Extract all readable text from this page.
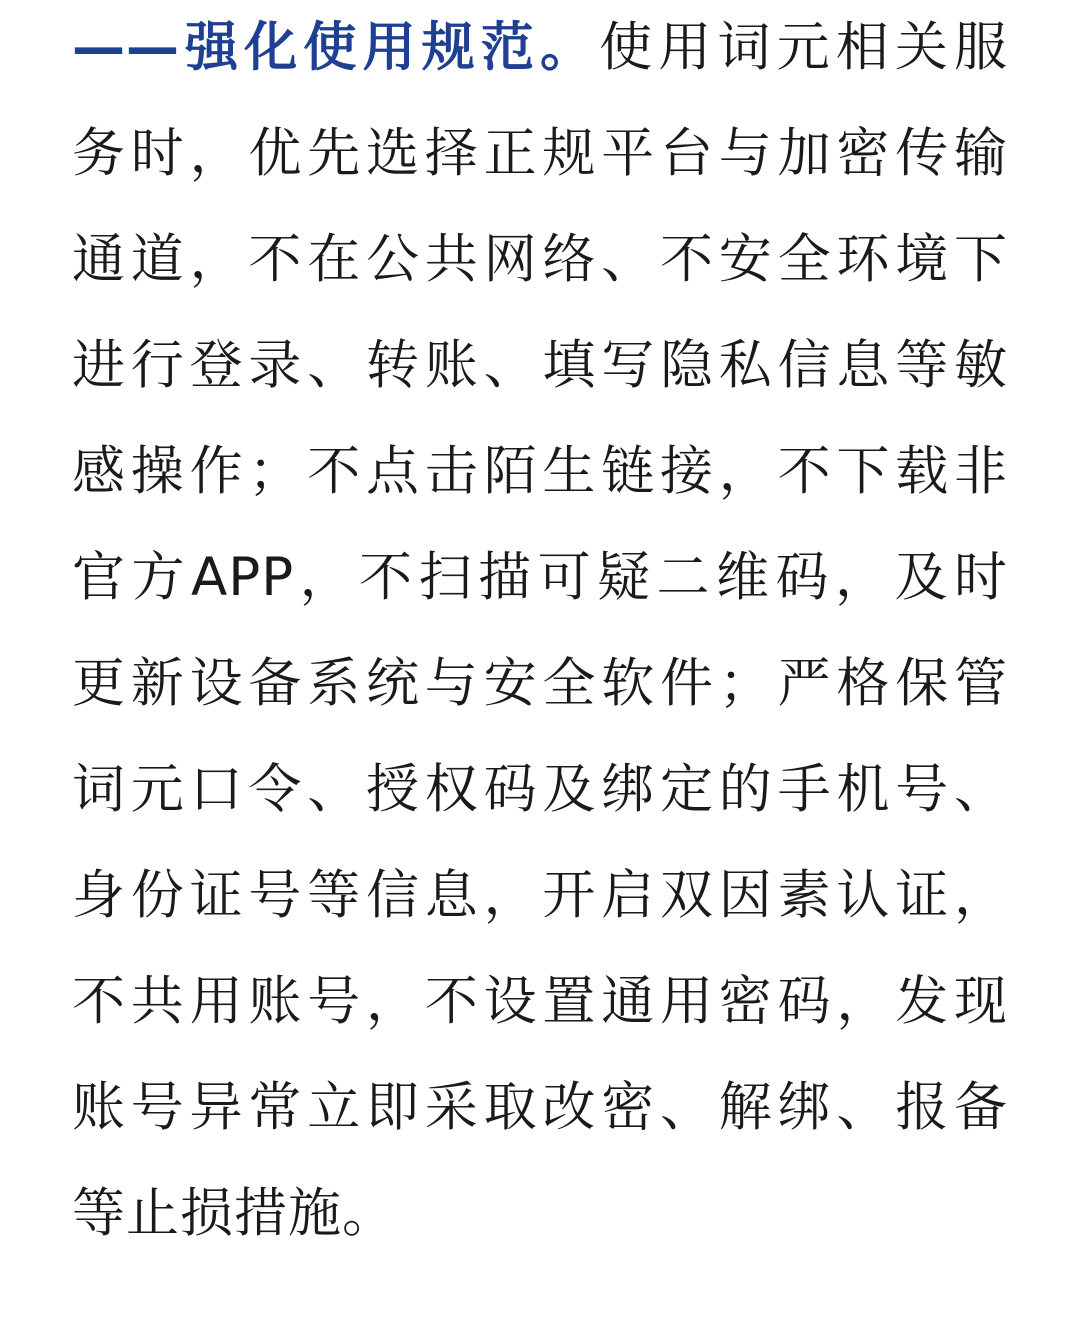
——强化使用规范。使用词元相关服

务时，优先选择正规平台与加密传输

通道，不在公共网络、不安全环境下

进行登录、转账、填写隐私信息等敏

感操作；不点击陌生链接，不下载非

官方APP，不扫描可疑二维码，及时

更新设备系统与安全软件；严格保管

词元口令、授权码及绑定的手机号、

身份证号等信息，开启双因素认证，

不共用账号，不设置通用密码，发现

账号异常立即采取改密、解绑、报备

等止损措施。
